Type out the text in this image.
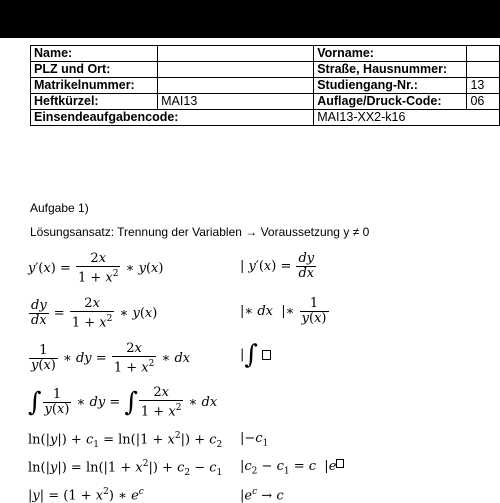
Name:		Vorname:	
PLZ und Ort:		Straße, Hausnummer:	
Matrikelnummer:		Studiengang-Nr.:	13
Heftkürzel:	MAI13	Auflage/Druck-Code:	06
Einsendeaufgabencode:		MAI13-XX2-k16	
Aufgabe 1)
Lösungsansatz: Trennung der Variablen → Voraussetzung y ≠ 0
$y'(x) = \frac{2x}{1 + x^2}$ ∗ y(x)	| $y'(x) = \frac{dy}{dx}$
$\frac{dy}{dx} = \frac{2x}{1 + x^2}$ ∗ y(x)	|∗ dx  |∗ $\frac{1}{y(x)}$
$\frac{1}{y(x)}$ ∗ dy = $\frac{2x}{1 + x^2}$ ∗ dx	|∫
∫ $\frac{1}{y(x)}$ ∗ dy = ∫ $\frac{2x}{1 + x^2}$ ∗ dx
$\ln(|y|) + c_1 = \ln(|1 + x^2|) + c_2$ $|-c_1$
$\ln(|y|) = \ln(|1 + x^2|) + c_2 - c_1$ $|c_2 - c_1 = c$  |e
$|y| = (1 + x^2)$ ∗ $e^c$	$|e^c \to c$
